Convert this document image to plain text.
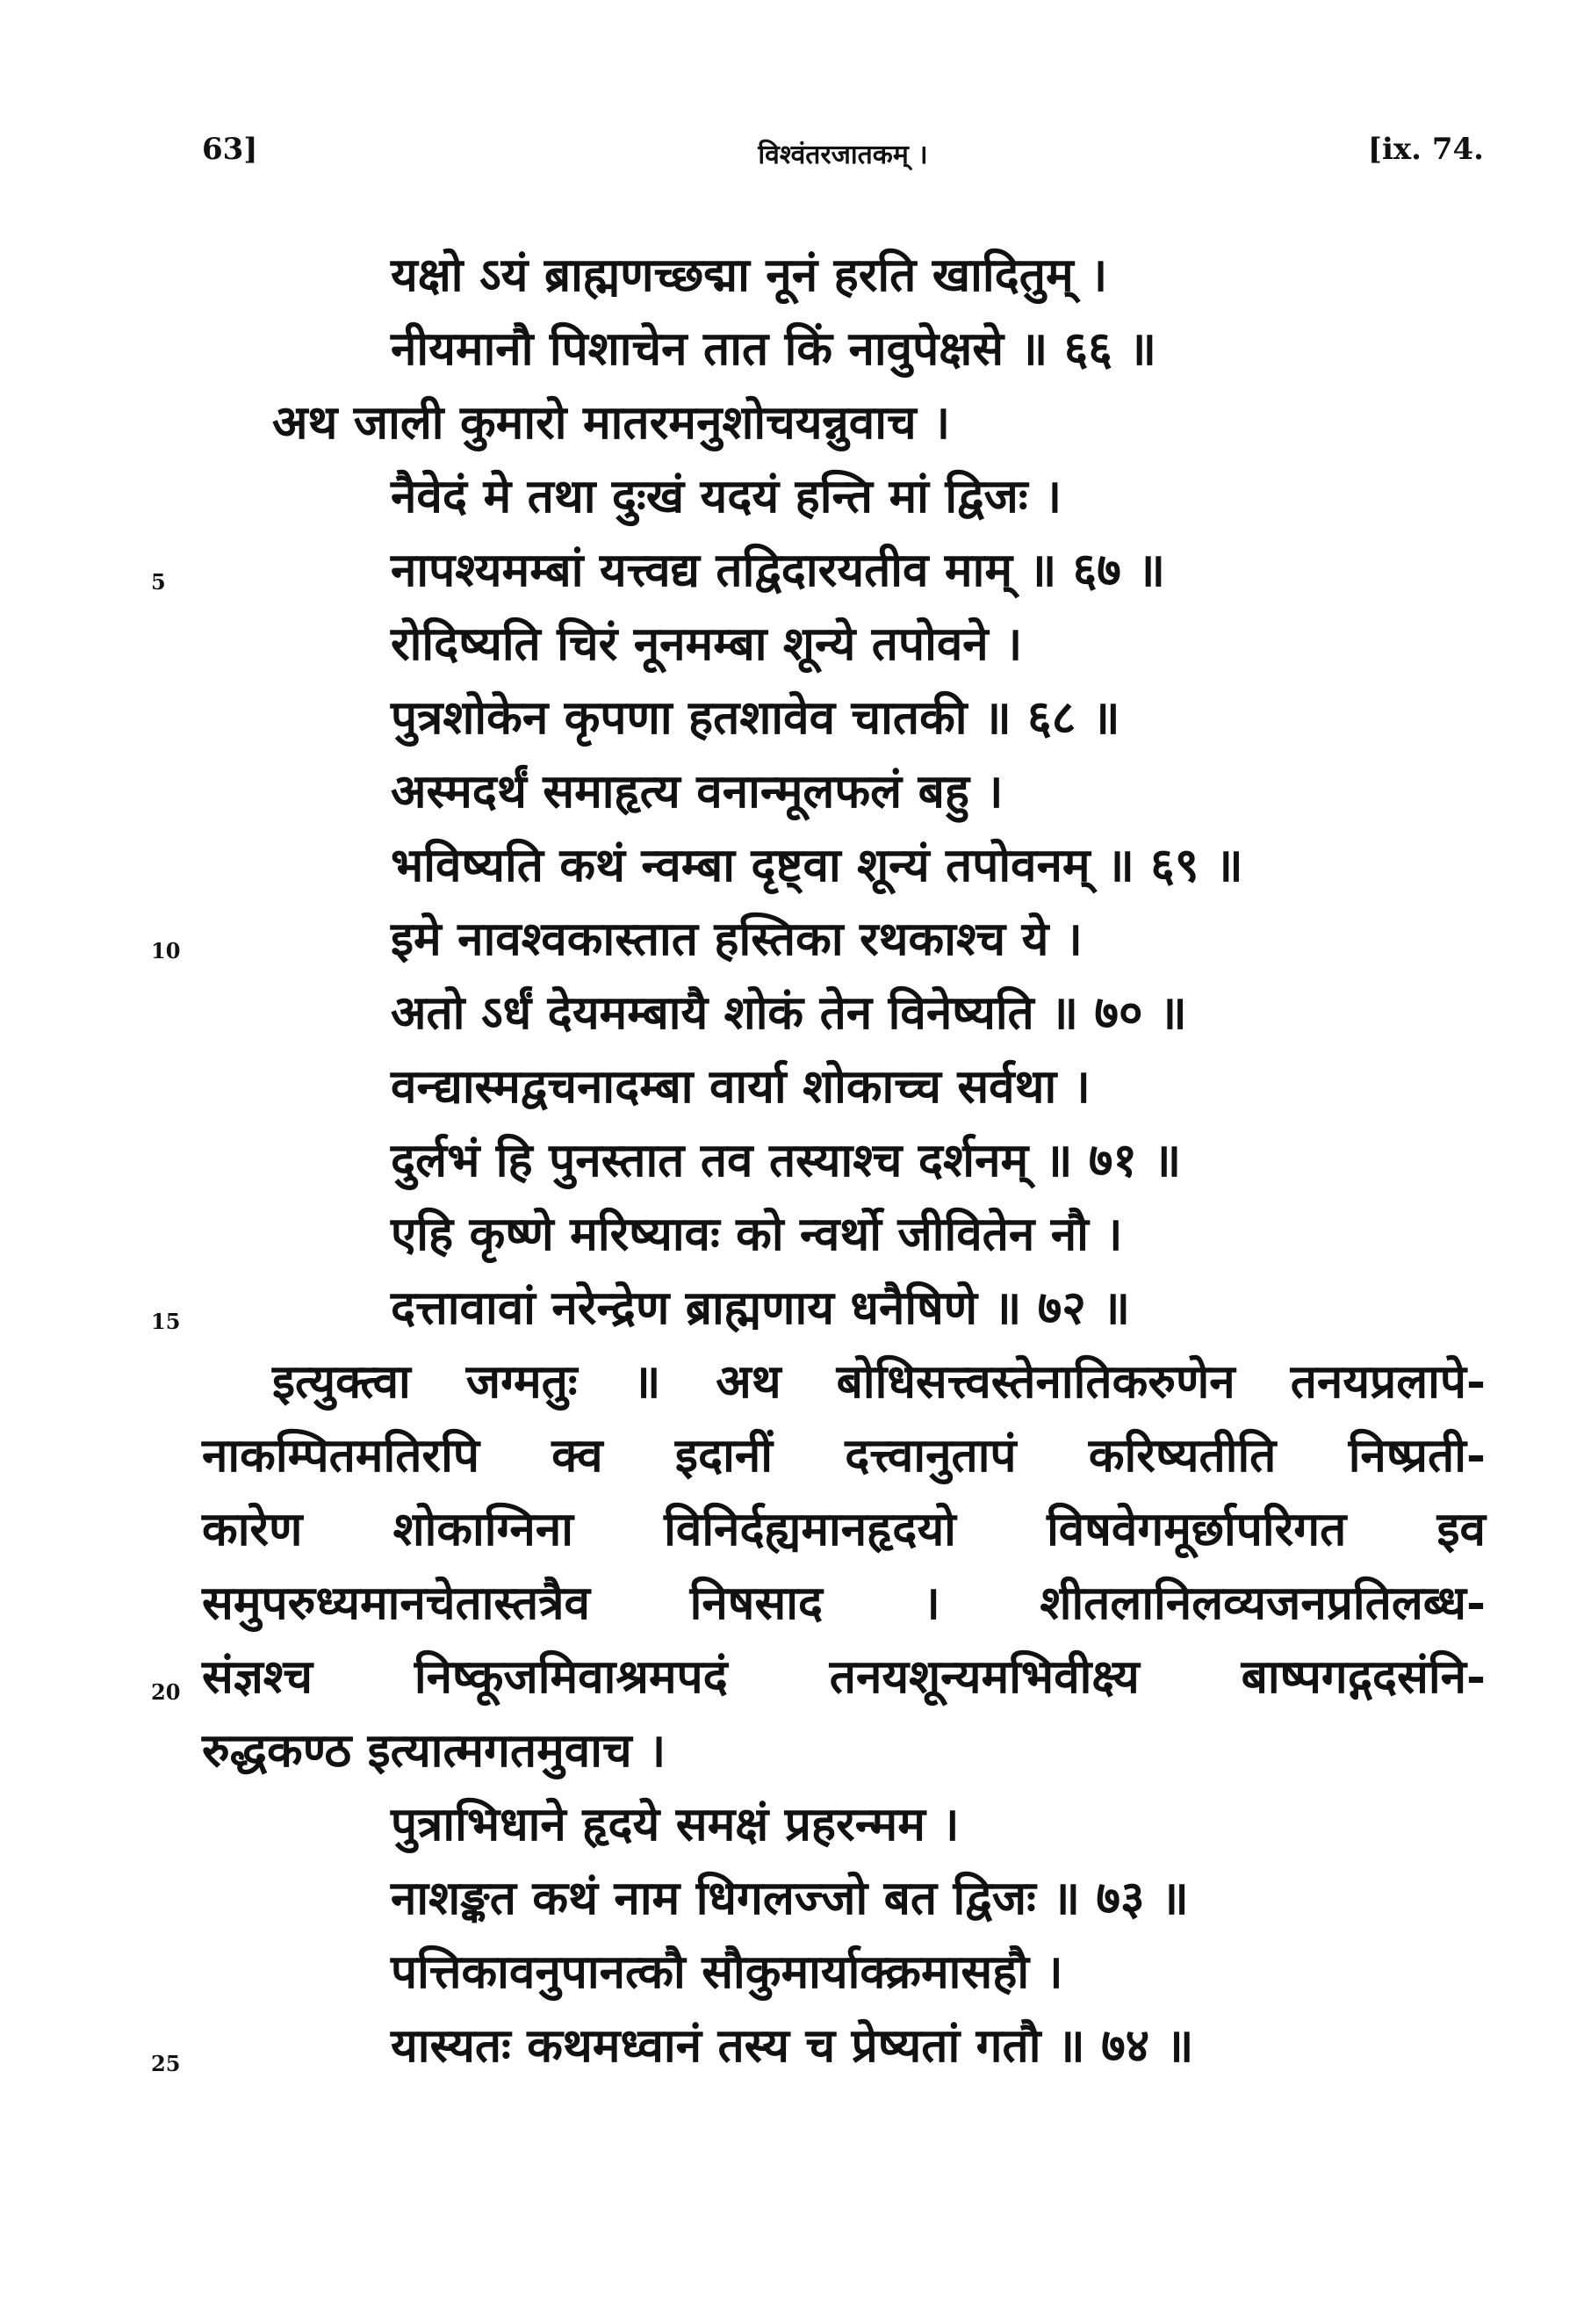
63]	विश्वंतरजातकम् ।	[ix. 74.
5
10
15
20
25
यक्षो ऽयं ब्राह्मणच्छद्मा नूनं हरति खादितुम् ।
नीयमानौ पिशाचेन तात किं नावुपेक्षसे ॥ ६६ ॥
अथ जाली कुमारो मातरमनुशोचयन्नुवाच ।
नैवेदं मे तथा दुःखं यदयं हन्ति मां द्विजः ।
नापश्यमम्बां यत्त्वद्य तद्विदारयतीव माम् ॥ ६७ ॥
रोदिष्यति चिरं नूनमम्बा शून्ये तपोवने ।
पुत्रशोकेन कृपणा हतशावेव चातकी ॥ ६८ ॥
अस्मदर्थं समाहृत्य वनान्मूलफलं बहु ।
भविष्यति कथं न्वम्बा दृष्ट्वा शून्यं तपोवनम् ॥ ६९ ॥
इमे नावश्वकास्तात हस्तिका रथकाश्च ये ।
अतो ऽर्धं देयमम्बायै शोकं तेन विनेष्यति ॥ ७० ॥
वन्द्यास्मद्वचनादम्बा वार्या शोकाच्च सर्वथा ।
दुर्लभं हि पुनस्तात तव तस्याश्च दर्शनम् ॥ ७१ ॥
एहि कृष्णे मरिष्यावः को न्वर्थो जीवितेन नौ ।
दत्तावावां नरेन्द्रेण ब्राह्मणाय धनैषिणे ॥ ७२ ॥
इत्युक्त्वा जग्मतुः ॥ अथ बोधिसत्त्वस्तेनातिकरुणेन तनयप्रलापे-
नाकम्पितमतिरपि क्व इदानीं दत्त्वानुतापं करिष्यतीति निष्प्रती-
कारेण शोकाग्निना विनिर्दह्यमानहृदयो विषवेगमूर्छापरिगत इव
समुपरुध्यमानचेतास्तत्रैव निषसाद । शीतलानिलव्यजनप्रतिलब्ध-
संज्ञश्च निष्कूजमिवाश्रमपदं तनयशून्यमभिवीक्ष्य बाष्पगद्गदसंनि-
रुद्धकण्ठ इत्यात्मगतमुवाच ।
पुत्राभिधाने हृदये समक्षं प्रहरन्मम ।
नाशङ्कत कथं नाम धिगलज्जो बत द्विजः ॥ ७३ ॥
पत्तिकावनुपानत्कौ सौकुमार्याक्क्रमासहौ ।
यास्यतः कथमध्वानं तस्य च प्रेष्यतां गतौ ॥ ७४ ॥
